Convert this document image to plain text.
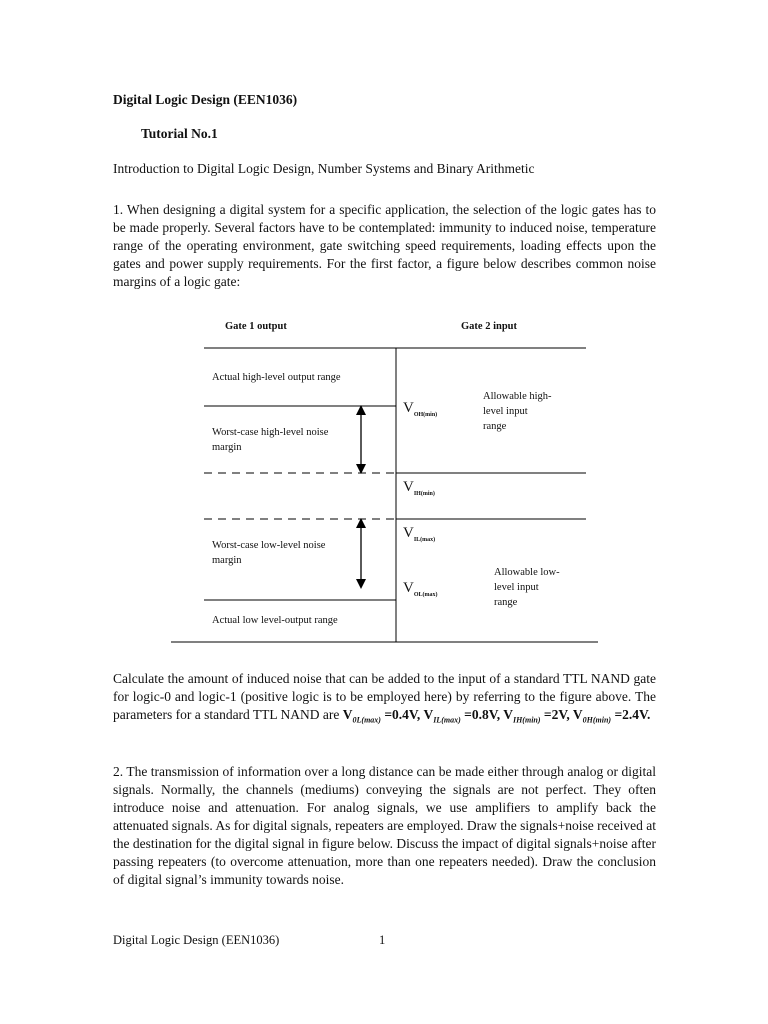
Digital Logic Design (EEN1036)
Tutorial No.1
Introduction to Digital Logic Design, Number Systems and Binary Arithmetic

1. When designing a digital system for a specific application, the selection of the logic gates has to be made properly. Several factors have to be contemplated: immunity to induced noise, temperature range of the operating environment, gate switching speed requirements, loading effects upon the gates and power supply requirements. For the first factor, a figure below describes common noise margins of a logic gate:

Gate 1 output	Gate 2 input
Actual high-level output range
Worst-case high-level noise
margin
Worst-case low-level noise
margin
Actual low level-output range
Allowable high-
level input
range
Allowable low-
level input
range
$V_{OH(min)}$
$V_{IH(min)}$
$V_{IL(max)}$
$V_{OL(max)}$

Calculate the amount of induced noise that can be added to the input of a standard TTL NAND gate for logic-0 and logic-1 (positive logic is to be employed here) by referring to the figure above. The parameters for a standard TTL NAND are $V_{0L(max)} =0.4V$, $V_{IL(max)} =0.8V$, $V_{IH(min)} =2V$, $V_{0H(min)} =2.4V$.

2. The transmission of information over a long distance can be made either through analog or digital signals. Normally, the channels (mediums) conveying the signals are not perfect. They often introduce noise and attenuation. For analog signals, we use amplifiers to amplify back the attenuated signals. As for digital signals, repeaters are employed. Draw the signals+noise received at the destination for the digital signal in figure below. Discuss the impact of digital signals+noise after passing repeaters (to overcome attenuation, more than one repeaters needed). Draw the conclusion of digital signal’s immunity towards noise.

Digital Logic Design (EEN1036)	1
